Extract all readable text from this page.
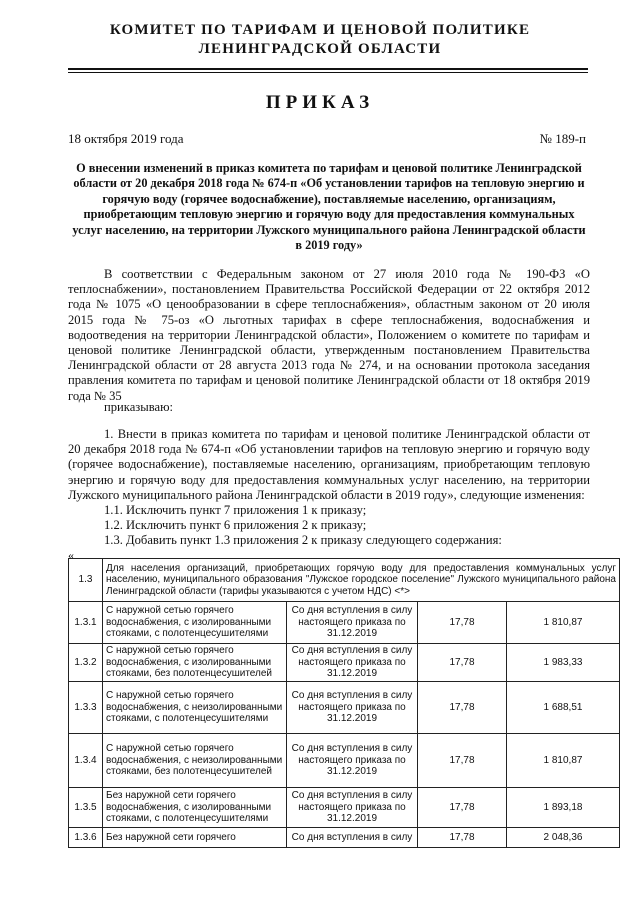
КОМИТЕТ ПО ТАРИФАМ И ЦЕНОВОЙ ПОЛИТИКЕ
ЛЕНИНГРАДСКОЙ ОБЛАСТИ
ПРИКАЗ
18 октября 2019 года	№ 189-п
О внесении изменений в приказ комитета по тарифам и ценовой политике Ленинградской области от 20 декабря 2018 года № 674-п «Об установлении тарифов на тепловую энергию и горячую воду (горячее водоснабжение), поставляемые населению, организациям, приобретающим тепловую энергию и горячую воду для предоставления коммунальных услуг населению, на территории Лужского муниципального района Ленинградской области в 2019 году»
В соответствии с Федеральным законом от 27 июля 2010 года № 190-ФЗ «О теплоснабжении», постановлением Правительства Российской Федерации от 22 октября 2012 года № 1075 «О ценообразовании в сфере теплоснабжения», областным законом от 20 июля 2015 года № 75-оз «О льготных тарифах в сфере теплоснабжения, водоснабжения и водоотведения на территории Ленинградской области», Положением о комитете по тарифам и ценовой политике Ленинградской области, утвержденным постановлением Правительства Ленинградской области от 28 августа 2013 года № 274, и на основании протокола заседания правления комитета по тарифам и ценовой политике Ленинградской области от 18 октября 2019 года № 35
приказываю:
1. Внести в приказ комитета по тарифам и ценовой политике Ленинградской области от 20 декабря 2018 года № 674-п «Об установлении тарифов на тепловую энергию и горячую воду (горячее водоснабжение), поставляемые населению, организациям, приобретающим тепловую энергию и горячую воду для предоставления коммунальных услуг населению, на территории Лужского муниципального района Ленинградской области в 2019 году», следующие изменения:
1.1. Исключить пункт 7 приложения 1 к приказу;
1.2. Исключить пункт 6 приложения 2 к приказу;
1.3. Добавить пункт 1.3 приложения 2 к приказу следующего содержания:
«
1.3	Для населения организаций, приобретающих горячую воду для предоставления коммунальных услуг населению, муниципального образования "Лужское городское поселение" Лужского муниципального района Ленинградской области (тарифы указываются с учетом НДС) <*>			
1.3.1	С наружной сетью горячего водоснабжения, с изолированными стояками, с полотенцесушителями	Со дня вступления в силу настоящего приказа по 31.12.2019	17,78	1 810,87
1.3.2	С наружной сетью горячего водоснабжения, с изолированными стояками, без полотенцесушителей	Со дня вступления в силу настоящего приказа по 31.12.2019	17,78	1 983,33
1.3.3	С наружной сетью горячего водоснабжения, с неизолированными стояками, с полотенцесушителями	Со дня вступления в силу настоящего приказа по 31.12.2019	17,78	1 688,51
1.3.4	С наружной сетью горячего водоснабжения, с неизолированными стояками, без полотенцесушителей	Со дня вступления в силу настоящего приказа по 31.12.2019	17,78	1 810,87
1.3.5	Без наружной сети горячего водоснабжения, с изолированными стояками, с полотенцесушителями	Со дня вступления в силу настоящего приказа по 31.12.2019	17,78	1 893,18
1.3.6	Без наружной сети горячего	Со дня вступления в силу	17,78	2 048,36
